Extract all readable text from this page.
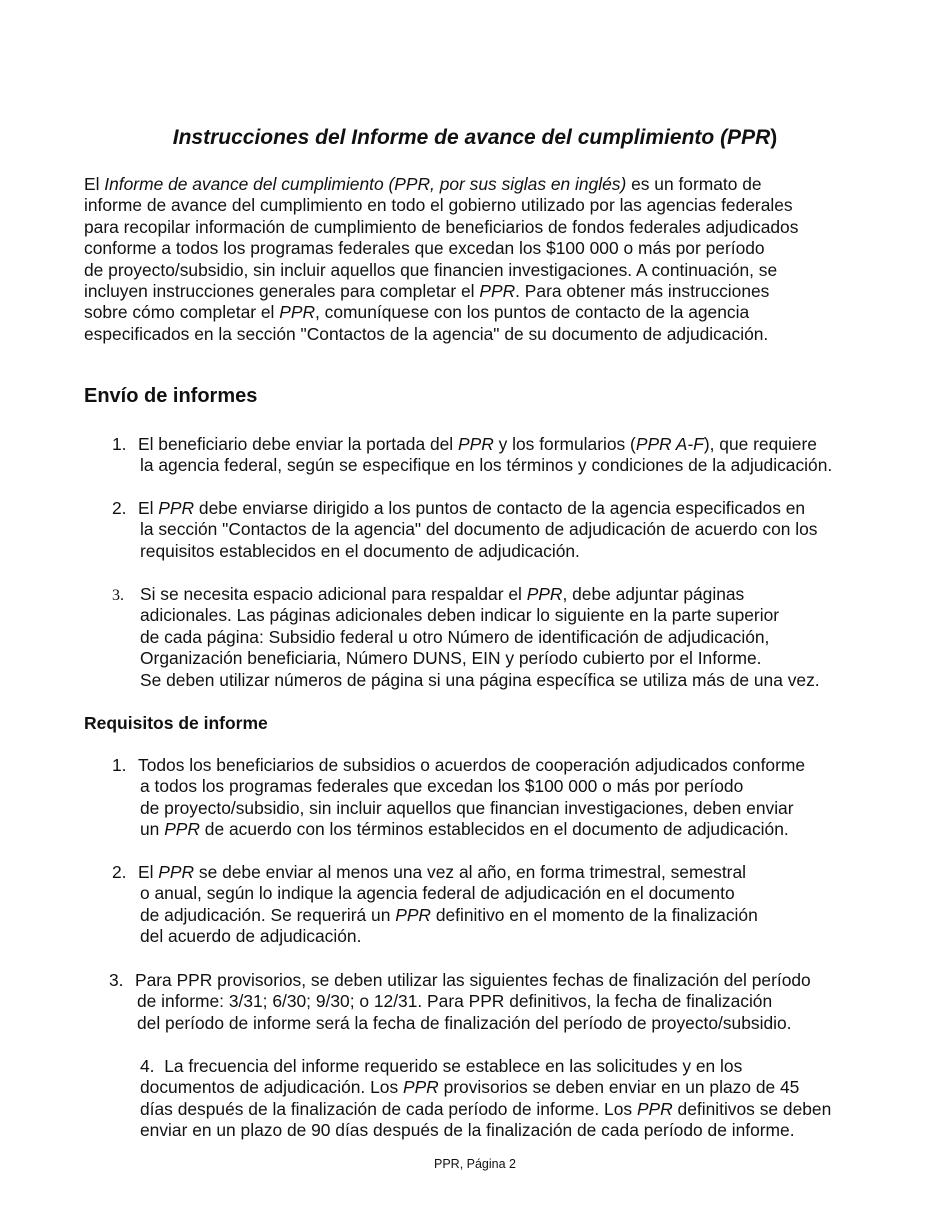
Instrucciones del Informe de avance del cumplimiento (PPR)

El Informe de avance del cumplimiento (PPR, por sus siglas en inglés) es un formato de
informe de avance del cumplimiento en todo el gobierno utilizado por las agencias federales
para recopilar información de cumplimiento de beneficiarios de fondos federales adjudicados
conforme a todos los programas federales que excedan los $100 000 o más por período
de proyecto/subsidio, sin incluir aquellos que financien investigaciones. A continuación, se
incluyen instrucciones generales para completar el PPR. Para obtener más instrucciones
sobre cómo completar el PPR, comuníquese con los puntos de contacto de la agencia
especificados en la sección "Contactos de la agencia" de su documento de adjudicación.

Envío de informes
1. El beneficiario debe enviar la portada del PPR y los formularios (PPR A-F), que requiere
la agencia federal, según se especifique en los términos y condiciones de la adjudicación.
2. El PPR debe enviarse dirigido a los puntos de contacto de la agencia especificados en
la sección "Contactos de la agencia" del documento de adjudicación de acuerdo con los
requisitos establecidos en el documento de adjudicación.
3. Si se necesita espacio adicional para respaldar el PPR, debe adjuntar páginas
adicionales. Las páginas adicionales deben indicar lo siguiente en la parte superior
de cada página: Subsidio federal u otro Número de identificación de adjudicación,
Organización beneficiaria, Número DUNS, EIN y período cubierto por el Informe.
Se deben utilizar números de página si una página específica se utiliza más de una vez.
Requisitos de informe
1. Todos los beneficiarios de subsidios o acuerdos de cooperación adjudicados conforme
a todos los programas federales que excedan los $100 000 o más por período
de proyecto/subsidio, sin incluir aquellos que financian investigaciones, deben enviar
un PPR de acuerdo con los términos establecidos en el documento de adjudicación.
2. El PPR se debe enviar al menos una vez al año, en forma trimestral, semestral
o anual, según lo indique la agencia federal de adjudicación en el documento
de adjudicación. Se requerirá un PPR definitivo en el momento de la finalización
del acuerdo de adjudicación.
3. Para PPR provisorios, se deben utilizar las siguientes fechas de finalización del período
de informe: 3/31; 6/30; 9/30; o 12/31. Para PPR definitivos, la fecha de finalización
del período de informe será la fecha de finalización del período de proyecto/subsidio.
4. La frecuencia del informe requerido se establece en las solicitudes y en los
documentos de adjudicación. Los PPR provisorios se deben enviar en un plazo de 45
días después de la finalización de cada período de informe. Los PPR definitivos se deben
enviar en un plazo de 90 días después de la finalización de cada período de informe.
PPR, Página 2
